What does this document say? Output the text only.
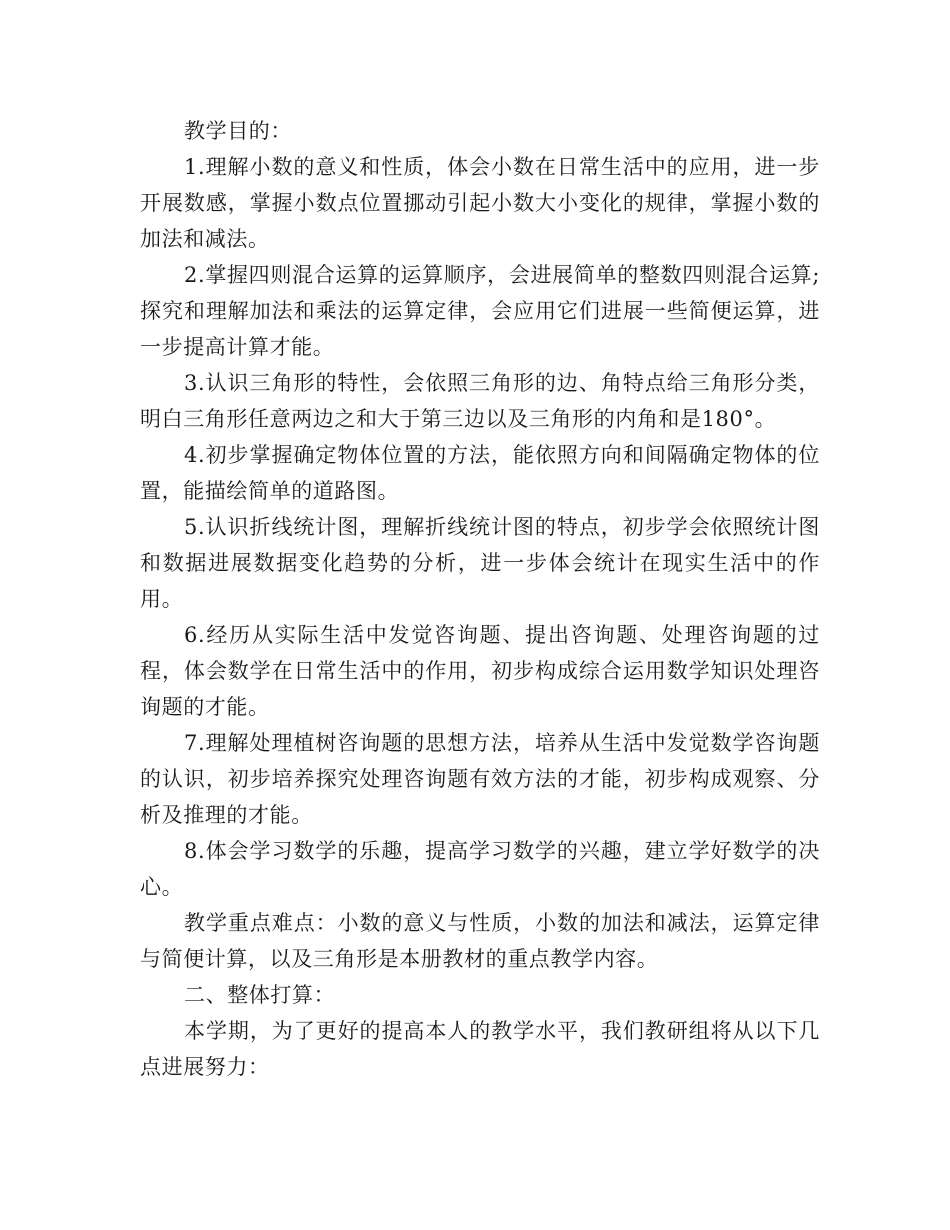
教学目的：

1.理解小数的意义和性质，体会小数在日常生活中的应用，进一步开展数感，掌握小数点位置挪动引起小数大小变化的规律，掌握小数的加法和减法。

2.掌握四则混合运算的运算顺序，会进展简单的整数四则混合运算;探究和理解加法和乘法的运算定律，会应用它们进展一些简便运算，进一步提高计算才能。

3.认识三角形的特性，会依照三角形的边、角特点给三角形分类，明白三角形任意两边之和大于第三边以及三角形的内角和是180°。

4.初步掌握确定物体位置的方法，能依照方向和间隔确定物体的位置，能描绘简单的道路图。

5.认识折线统计图，理解折线统计图的特点，初步学会依照统计图和数据进展数据变化趋势的分析，进一步体会统计在现实生活中的作用。

6.经历从实际生活中发觉咨询题、提出咨询题、处理咨询题的过程，体会数学在日常生活中的作用，初步构成综合运用数学知识处理咨询题的才能。

7.理解处理植树咨询题的思想方法，培养从生活中发觉数学咨询题的认识，初步培养探究处理咨询题有效方法的才能，初步构成观察、分析及推理的才能。

8.体会学习数学的乐趣，提高学习数学的兴趣，建立学好数学的决心。

教学重点难点：小数的意义与性质，小数的加法和减法，运算定律与简便计算，以及三角形是本册教材的重点教学内容。

二、整体打算：

本学期，为了更好的提高本人的教学水平，我们教研组将从以下几点进展努力：
